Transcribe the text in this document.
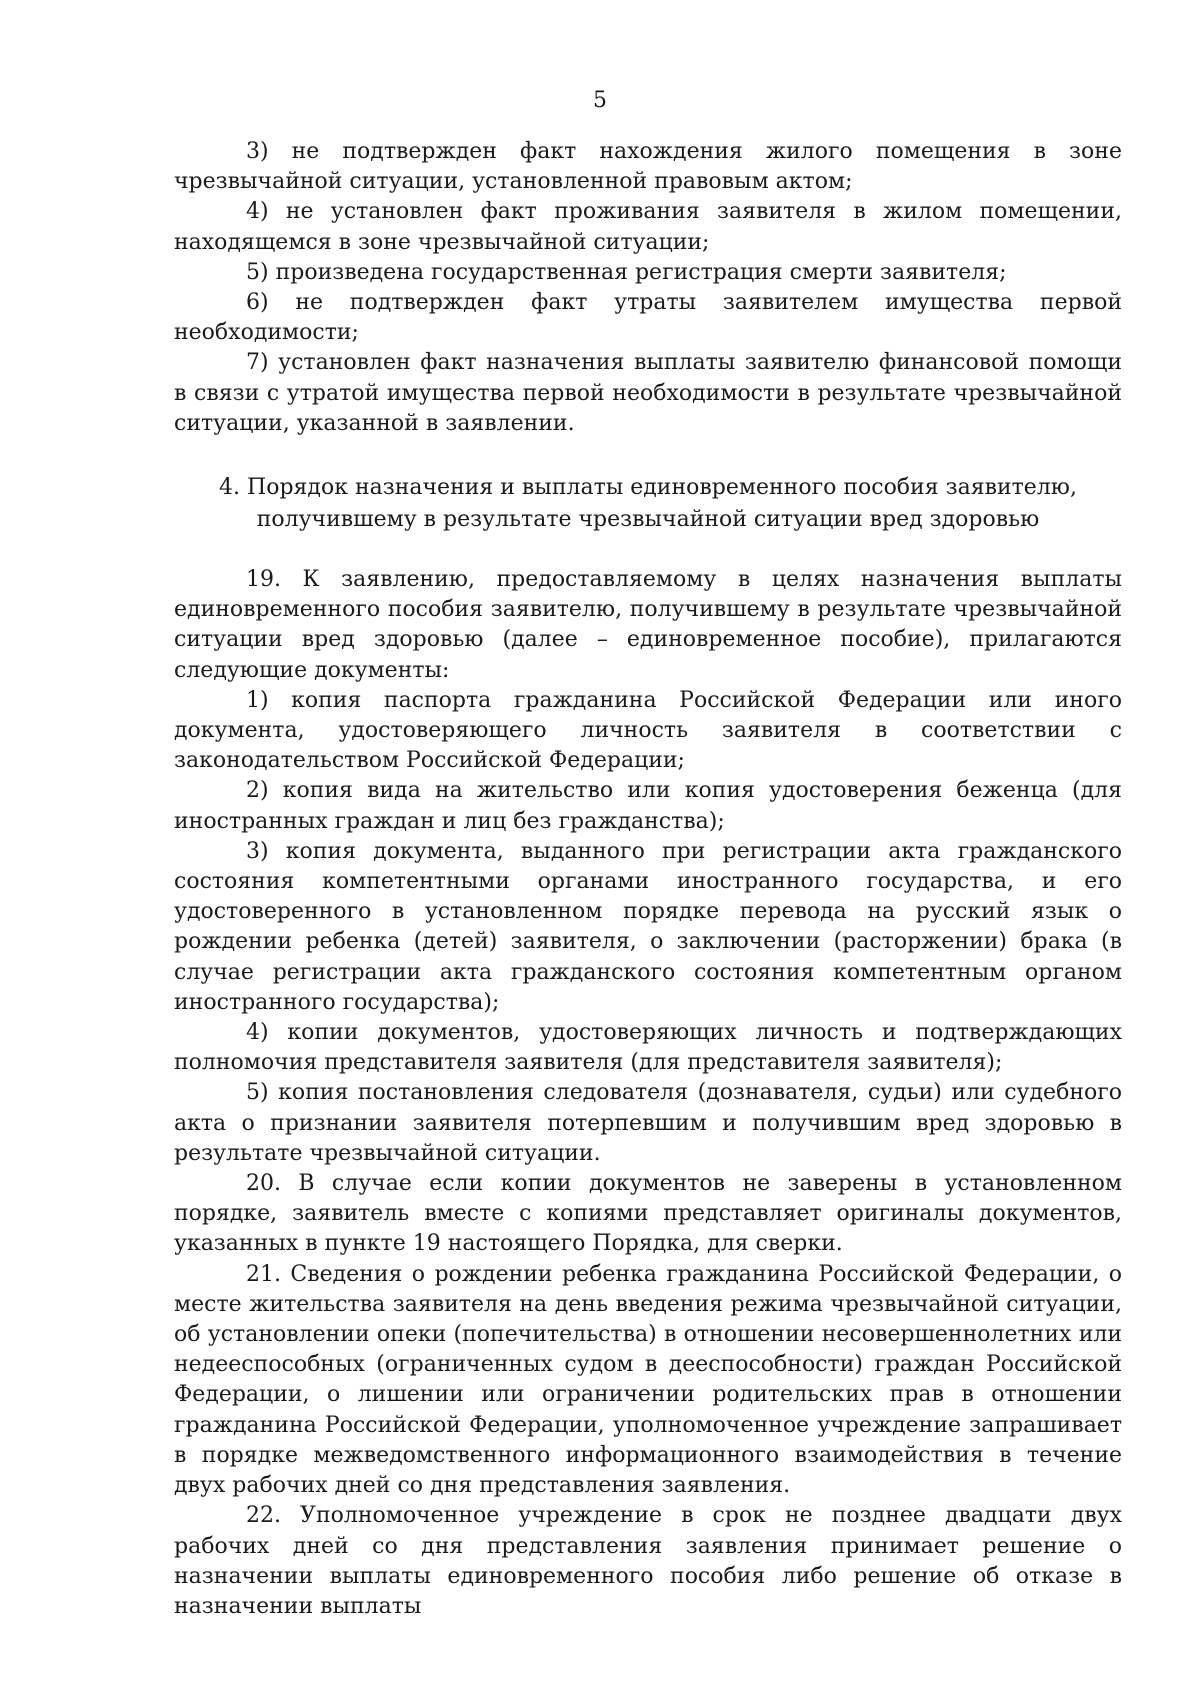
5

3) не подтвержден факт нахождения жилого помещения в зоне чрезвычайной ситуации, установленной правовым актом;

4) не установлен факт проживания заявителя в жилом помещении, находящемся в зоне чрезвычайной ситуации;

5) произведена государственная регистрация смерти заявителя;

6) не подтвержден факт утраты заявителем имущества первой необходимости;

7) установлен факт назначения выплаты заявителю финансовой помощи в связи с утратой имущества первой необходимости в результате чрезвычайной ситуации, указанной в заявлении.

4. Порядок назначения и выплаты единовременного пособия заявителю,
получившему в результате чрезвычайной ситуации вред здоровью

19. К заявлению, предоставляемому в целях назначения выплаты единовременного пособия заявителю, получившему в результате чрезвычайной ситуации вред здоровью (далее – единовременное пособие), прилагаются следующие документы:

1) копия паспорта гражданина Российской Федерации или иного документа, удостоверяющего личность заявителя в соответствии с законодательством Российской Федерации;

2) копия вида на жительство или копия удостоверения беженца (для иностранных граждан и лиц без гражданства);

3) копия документа, выданного при регистрации акта гражданского состояния компетентными органами иностранного государства, и его удостоверенного в установленном порядке перевода на русский язык о рождении ребенка (детей) заявителя, о заключении (расторжении) брака (в случае регистрации акта гражданского состояния компетентным органом иностранного государства);

4) копии документов, удостоверяющих личность и подтверждающих полномочия представителя заявителя (для представителя заявителя);

5) копия постановления следователя (дознавателя, судьи) или судебного акта о признании заявителя потерпевшим и получившим вред здоровью в результате чрезвычайной ситуации.

20. В случае если копии документов не заверены в установленном порядке, заявитель вместе с копиями представляет оригиналы документов, указанных в пункте 19 настоящего Порядка, для сверки.

21. Сведения о рождении ребенка гражданина Российской Федерации, о месте жительства заявителя на день введения режима чрезвычайной ситуации, об установлении опеки (попечительства) в отношении несовершеннолетних или недееспособных (ограниченных судом в дееспособности) граждан Российской Федерации, о лишении или ограничении родительских прав в отношении гражданина Российской Федерации, уполномоченное учреждение запрашивает в порядке межведомственного информационного взаимодействия в течение двух рабочих дней со дня представления заявления.

22. Уполномоченное учреждение в срок не позднее двадцати двух рабочих дней со дня представления заявления принимает решение о назначении выплаты единовременного пособия либо решение об отказе в назначении выплаты
